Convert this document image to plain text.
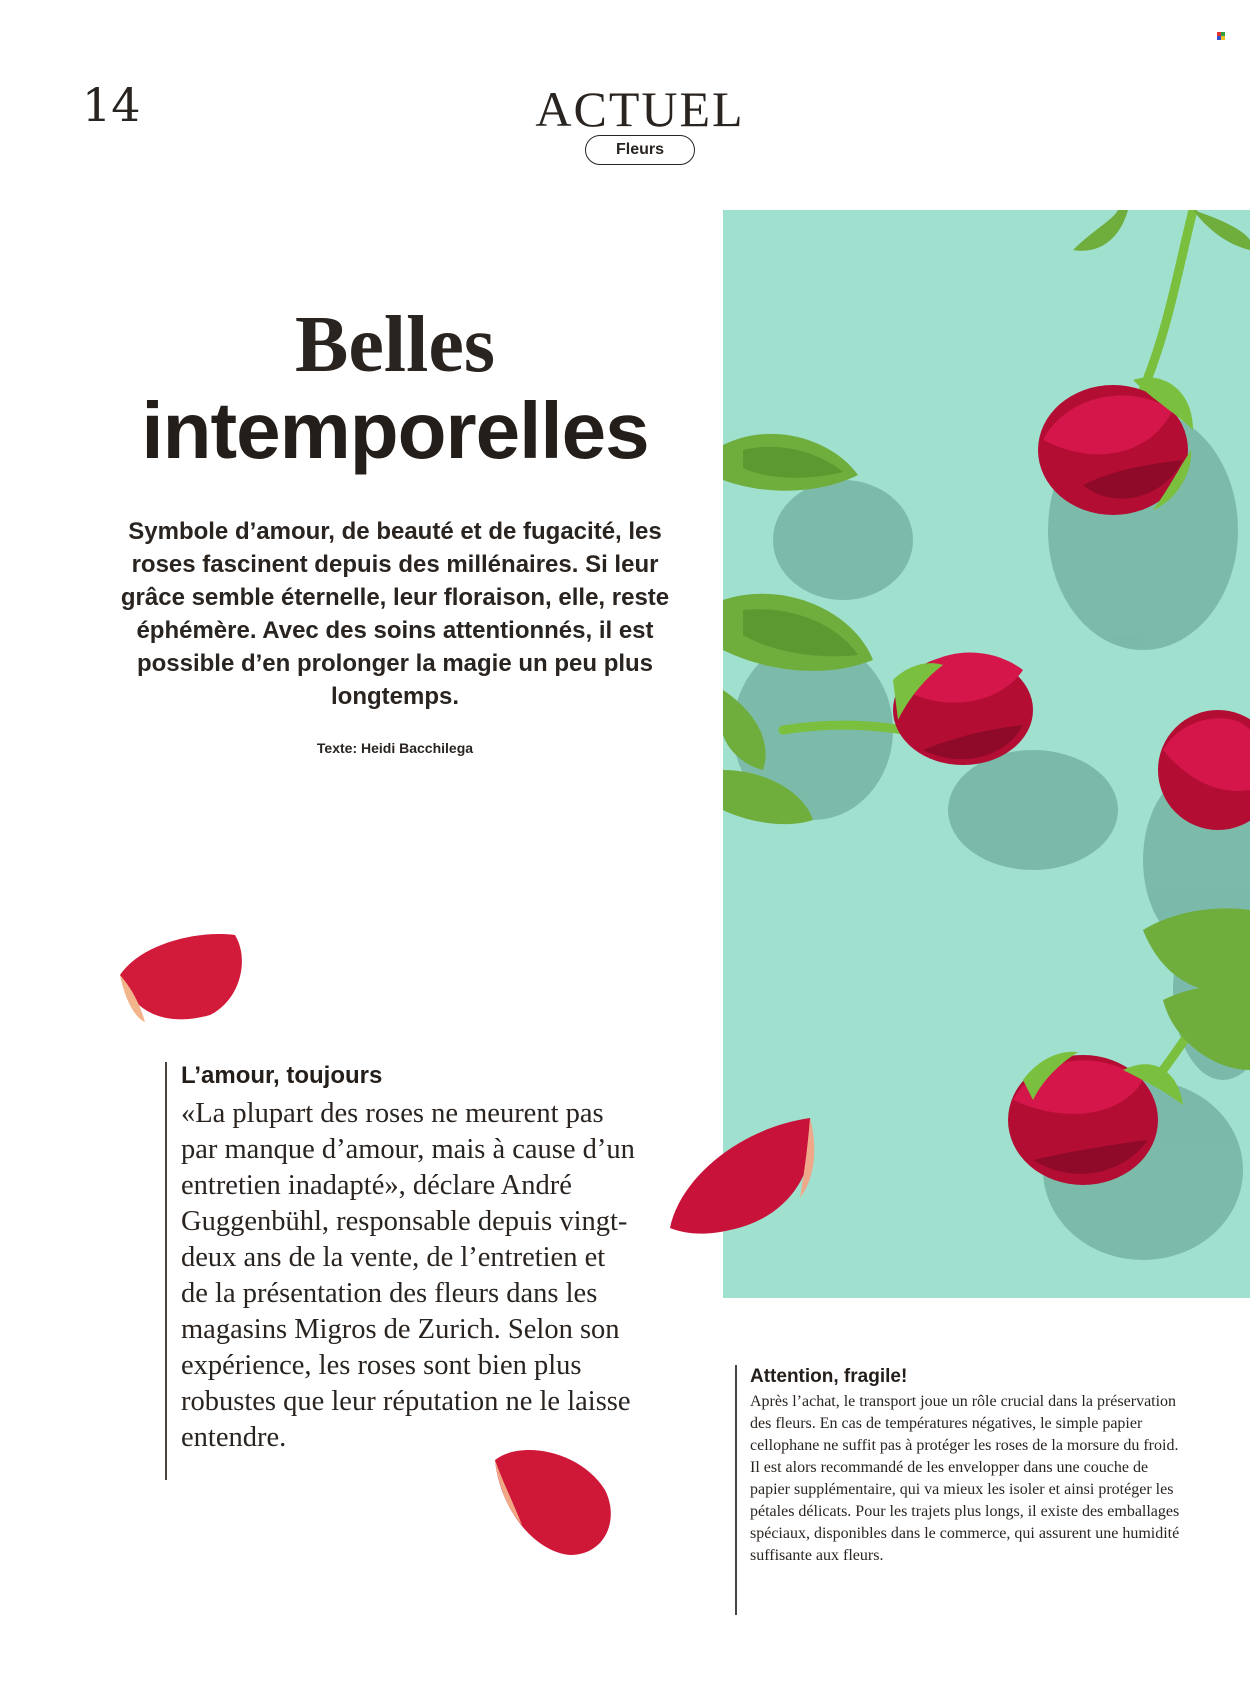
14	ACTUEL
Fleurs
Belles
intemporelles

Symbole d’amour, de beauté et de fugacité, les roses fascinent depuis des millénaires. Si leur grâce semble éternelle, leur floraison, elle, reste éphémère. Avec des soins attentionnés, il est possible d’en prolonger la magie un peu plus longtemps.

Texte: Heidi Bacchilega
L’amour, toujours

«La plupart des roses ne meurent pas par manque d’amour, mais à cause d’un entretien inadapté», déclare André Guggenbühl, responsable depuis vingt-deux ans de la vente, de l’entretien et de la présentation des fleurs dans les magasins Migros de Zurich. Selon son expérience, les roses sont bien plus robustes que leur réputation ne le laisse entendre.

Attention, fragile!

Après l’achat, le transport joue un rôle crucial dans la préservation des fleurs. En cas de températures négatives, le simple papier cellophane ne suffit pas à protéger les roses de la morsure du froid. Il est alors recommandé de les envelopper dans une couche de papier supplémentaire, qui va mieux les isoler et ainsi protéger les pétales délicats. Pour les trajets plus longs, il existe des emballages spéciaux, disponibles dans le commerce, qui assurent une humidité suffisante aux fleurs.
